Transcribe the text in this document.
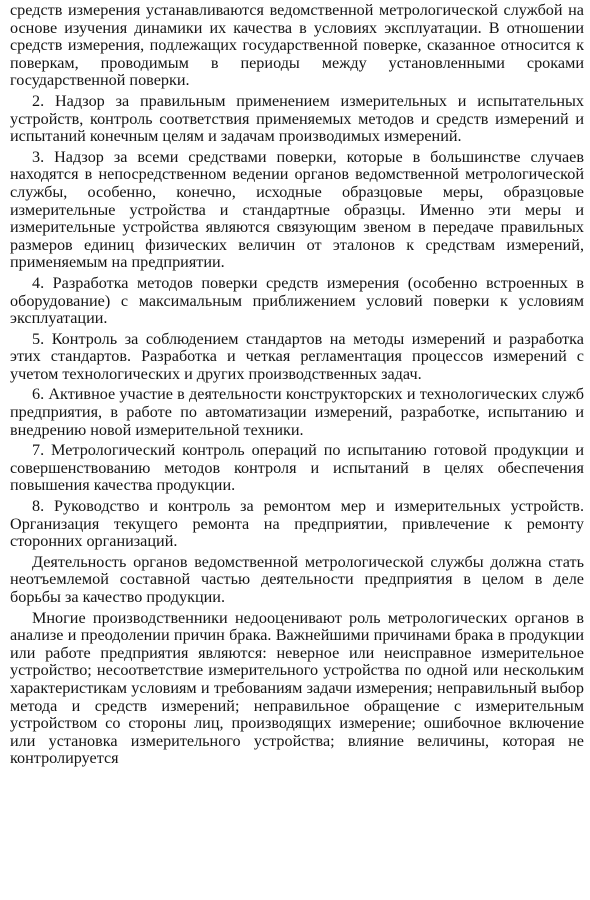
средств измерения устанавливаются ведомственной метрологической службой на основе изучения динамики их качества в условиях эксплуатации. В отношении средств измерения, подлежащих государственной поверке, сказанное относится к поверкам, проводимым в периоды между установленными сроками государственной поверки.

2. Надзор за правильным применением измерительных и испытательных устройств, контроль соответствия применяемых методов и средств измерений и испытаний конечным целям и задачам производимых измерений.

3. Надзор за всеми средствами поверки, которые в большинстве случаев находятся в непосредственном ведении органов ведомственной метрологической службы, особенно, конечно, исходные образцовые меры, образцовые измерительные устройства и стандартные образцы. Именно эти меры и измерительные устройства являются связующим звеном в передаче правильных размеров единиц физических величин от эталонов к средствам измерений, применяемым на предприятии.

4. Разработка методов поверки средств измерения (особенно встроенных в оборудование) с максимальным приближением условий поверки к условиям эксплуатации.

5. Контроль за соблюдением стандартов на методы измерений и разработка этих стандартов. Разработка и четкая регламентация процессов измерений с учетом технологических и других производственных задач.

6. Активное участие в деятельности конструкторских и технологических служб предприятия, в работе по автоматизации измерений, разработке, испытанию и внедрению новой измерительной техники.

7. Метрологический контроль операций по испытанию готовой продукции и совершенствованию методов контроля и испытаний в целях обеспечения повышения качества продукции.

8. Руководство и контроль за ремонтом мер и измерительных устройств. Организация текущего ремонта на предприятии, привлечение к ремонту сторонних организаций.

Деятельность органов ведомственной метрологической службы должна стать неотъемлемой составной частью деятельности предприятия в целом в деле борьбы за качество продукции.

Многие производственники недооценивают роль метрологических органов в анализе и преодолении причин брака. Важнейшими причинами брака в продукции или работе предприятия являются: неверное или неисправное измерительное устройство; несоответствие измерительного устройства по одной или нескольким характеристикам условиям и требованиям задачи измерения; неправильный выбор метода и средств измерений; неправильное обращение с измерительным устройством со стороны лиц, производящих измерение; ошибочное включение или установка измерительного устройства; влияние величины, которая не контролируется
